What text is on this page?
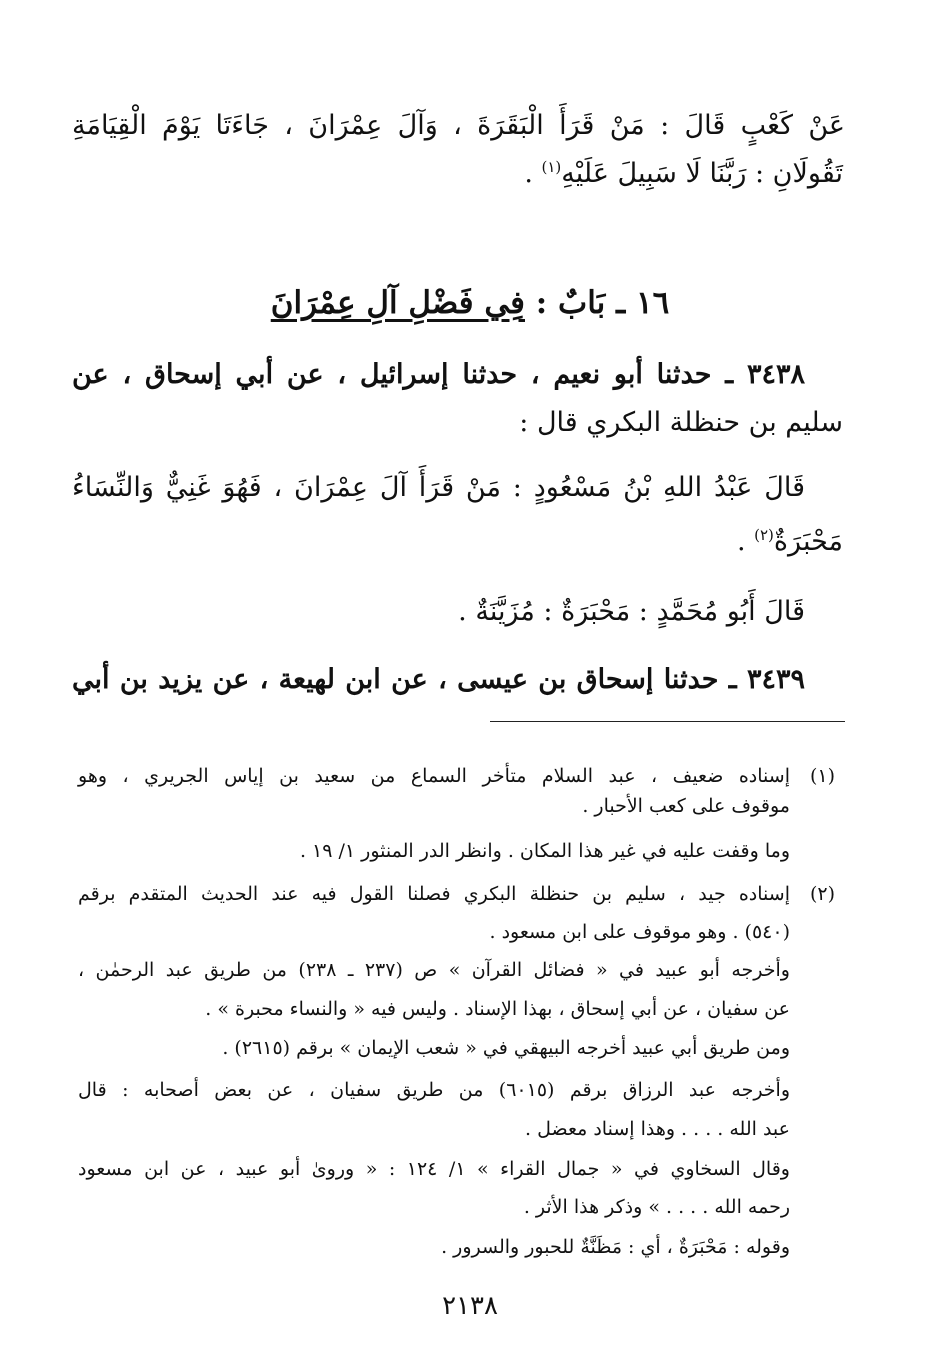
عَنْ كَعْبٍ قَالَ : مَنْ قَرَأَ الْبَقَرَةَ ، وَآلَ عِمْرَانَ ، جَاءَتَا يَوْمَ الْقِيَامَةِ
تَقُولَانِ : رَبَّنَا لَا سَبِيلَ عَلَيْهِ$^{(١)}$ .
١٦ ـ بَابٌ : فِي فَضْلِ آلِ عِمْرَانَ
٣٤٣٨ ـ حدثنا أبو نعيم ، حدثنا إسرائيل ، عن أبي إسحاق ، عن
سليم بن حنظلة البكري قال :
قَالَ عَبْدُ اللهِ بْنُ مَسْعُودٍ : مَنْ قَرَأَ آلَ عِمْرَانَ ، فَهُوَ غَنِيٌّ وَالنِّسَاءُ
مَحْبَرَةٌ$^{(٢)}$ .
قَالَ أَبُو مُحَمَّدٍ : مَحْبَرَةٌ : مُزَيَّنَةٌ .
٣٤٣٩ ـ حدثنا إسحاق بن عيسى ، عن ابن لهيعة ، عن يزيد بن أبي
(١)
إسناده ضعيف ، عبد السلام متأخر السماع من سعيد بن إياس الجريري ، وهو
موقوف على كعب الأحبار .
وما وقفت عليه في غير هذا المكان . وانظر الدر المنثور ١/ ١٩ .
(٢)
إسناده جيد ، سليم بن حنظلة البكري فصلنا القول فيه عند الحديث المتقدم برقم
(٥٤٠) . وهو موقوف على ابن مسعود .
وأخرجه أبو عبيد في « فضائل القرآن » ص (٢٣٧ ـ ٢٣٨) من طريق عبد الرحمٰن ،
عن سفيان ، عن أبي إسحاق ، بهذا الإسناد . وليس فيه « والنساء محبرة » .
ومن طريق أبي عبيد أخرجه البيهقي في « شعب الإيمان » برقم (٢٦١٥) .
وأخرجه عبد الرزاق برقم (٦٠١٥) من طريق سفيان ، عن بعض أصحابه : قال
عبد الله . . . . وهذا إسناد معضل .
وقال السخاوي في « جمال القراء » ١/ ١٢٤ : « وروىٰ أبو عبيد ، عن ابن مسعود
رحمه الله . . . . » وذكر هذا الأثر .
وقوله : مَحْبَرَةٌ ، أي : مَظَنَّةٌ للحبور والسرور .
٢١٣٨
